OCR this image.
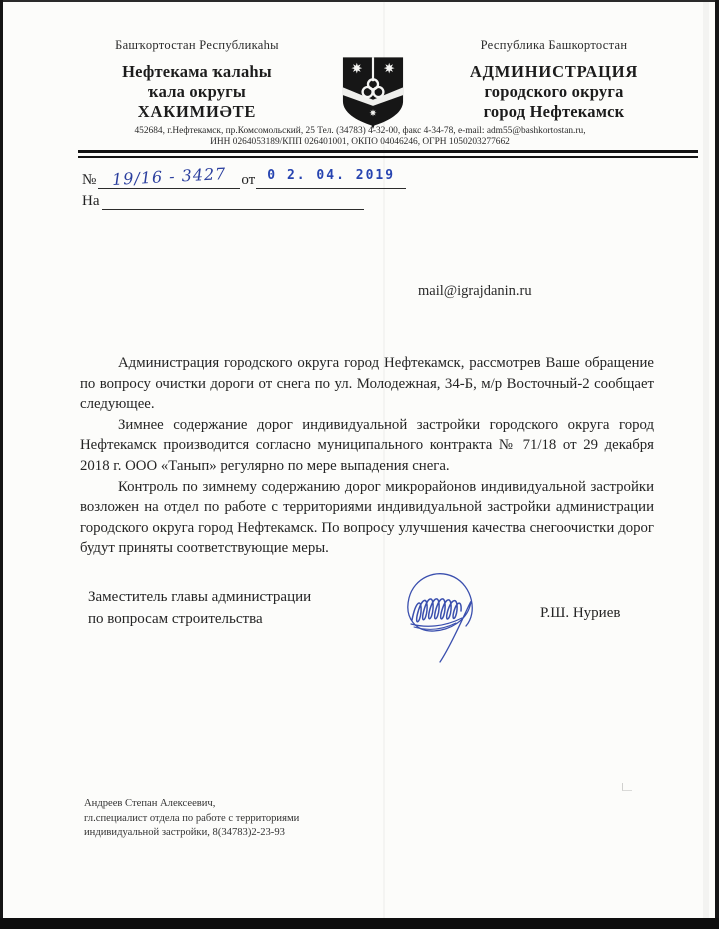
Башҡортостан Республикаһы
Нефтекама ҡалаһы
ҡала округы
ХАКИМИӘТЕ
Республика Башкортостан
АДМИНИСТРАЦИЯ
городского округа
город Нефтекамск
452684, г.Нефтекамск, пр.Комсомольский, 25 Тел. (34783) 4-32-00, факс 4-34-78, e-mail: adm55@bashkortostan.ru,
ИНН 0264053189/КПП 026401001, ОКПО 04046246, ОГРН 1050203277662
№ 19/16 - 3427 от 0 2. 04. 2019
На
mail@igrajdanin.ru

Администрация городского округа город Нефтекамск, рассмотрев Ваше обращение по вопросу очистки дороги от снега по ул. Молодежная, 34-Б, м/р Восточный-2 сообщает следующее.

Зимнее содержание дорог индивидуальной застройки городского округа город Нефтекамск производится согласно муниципального контракта № 71/18 от 29 декабря 2018 г. ООО «Танып» регулярно по мере выпадения снега.

Контроль по зимнему содержанию дорог микрорайонов индивидуальной застройки возложен на отдел по работе с территориями индивидуальной застройки администрации городского округа город Нефтекамск. По вопросу улучшения качества снегоочистки дорог будут приняты соответствующие меры.

Заместитель главы администрации
по вопросам строительства	Р.Ш. Нуриев
Андреев Степан Алексеевич,
гл.специалист отдела по работе с территориями
индивидуальной застройки, 8(34783)2-23-93
